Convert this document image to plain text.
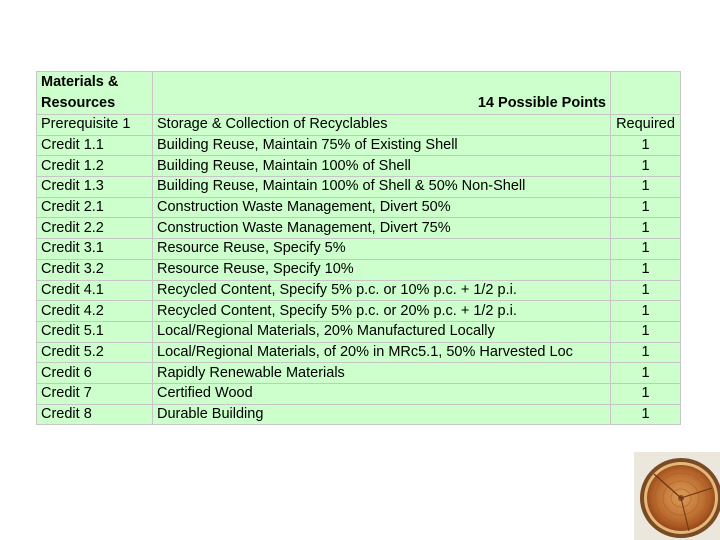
Materials &
Resources	14 Possible Points	
Prerequisite 1	Storage & Collection of Recyclables	Required
Credit 1.1	Building Reuse, Maintain 75% of Existing Shell	1
Credit 1.2	Building Reuse, Maintain 100% of Shell	1
Credit 1.3	Building Reuse, Maintain 100% of Shell & 50% Non-Shell	1
Credit 2.1	Construction Waste Management, Divert 50%	1
Credit 2.2	Construction Waste Management, Divert 75%	1
Credit 3.1	Resource Reuse, Specify 5%	1
Credit 3.2	Resource Reuse, Specify 10%	1
Credit 4.1	Recycled Content, Specify 5% p.c. or 10% p.c. + 1/2 p.i.	1
Credit 4.2	Recycled Content, Specify 5% p.c. or 20% p.c. + 1/2 p.i.	1
Credit 5.1	Local/Regional Materials, 20% Manufactured Locally	1
Credit 5.2	Local/Regional Materials, of 20% in MRc5.1, 50% Harvested Loc	1
Credit 6	Rapidly Renewable Materials	1
Credit 7	Certified Wood	1
Credit 8	Durable Building	1
